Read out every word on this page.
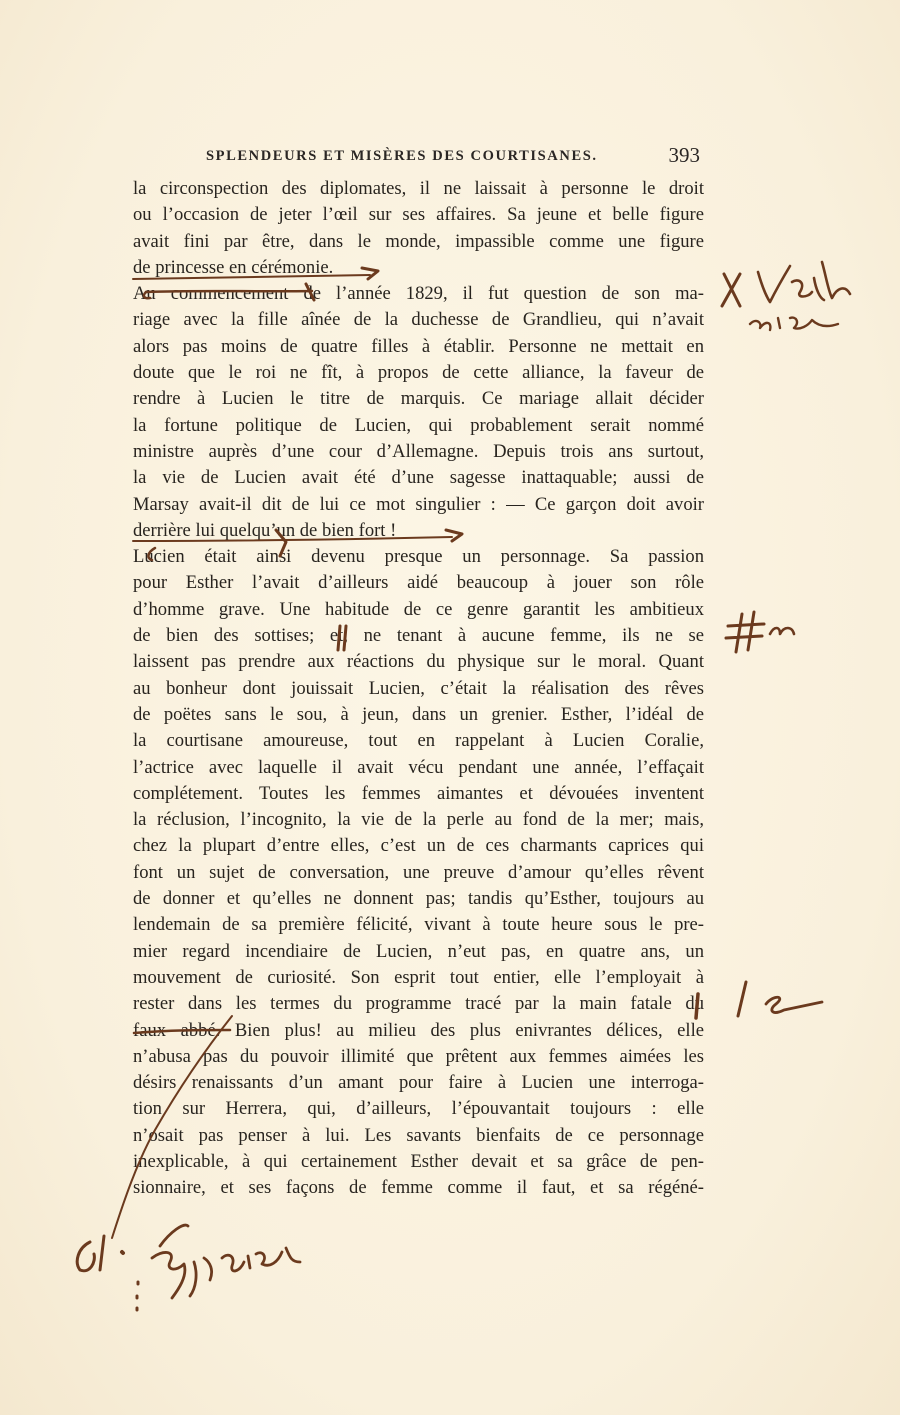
SPLENDEURS ET MISÈRES DES COURTISANES.	393
la circonspection des diplomates, il ne laissait à personne le droit
ou l’occasion de jeter l’œil sur ses affaires. Sa jeune et belle figure
avait fini par être, dans le monde, impassible comme une figure
de princesse en cérémonie.
Au commencement de l’année 1829, il fut question de son ma-
riage avec la fille aînée de la duchesse de Grandlieu, qui n’avait
alors pas moins de quatre filles à établir. Personne ne mettait en
doute que le roi ne fît, à propos de cette alliance, la faveur de
rendre à Lucien le titre de marquis. Ce mariage allait décider
la fortune politique de Lucien, qui probablement serait nommé
ministre auprès d’une cour d’Allemagne. Depuis trois ans surtout,
la vie de Lucien avait été d’une sagesse inattaquable; aussi de
Marsay avait-il dit de lui ce mot singulier : — Ce garçon doit avoir
derrière lui quelqu’un de bien fort !
Lucien était ainsi devenu presque un personnage. Sa passion
pour Esther l’avait d’ailleurs aidé beaucoup à jouer son rôle
d’homme grave. Une habitude de ce genre garantit les ambitieux
de bien des sottises; et, ne tenant à aucune femme, ils ne se
laissent pas prendre aux réactions du physique sur le moral. Quant
au bonheur dont jouissait Lucien, c’était la réalisation des rêves
de poëtes sans le sou, à jeun, dans un grenier. Esther, l’idéal de
la courtisane amoureuse, tout en rappelant à Lucien Coralie,
l’actrice avec laquelle il avait vécu pendant une année, l’effaçait
complétement. Toutes les femmes aimantes et dévouées inventent
la réclusion, l’incognito, la vie de la perle au fond de la mer; mais,
chez la plupart d’entre elles, c’est un de ces charmants caprices qui
font un sujet de conversation, une preuve d’amour qu’elles rêvent
de donner et qu’elles ne donnent pas; tandis qu’Esther, toujours au
lendemain de sa première félicité, vivant à toute heure sous le pre-
mier regard incendiaire de Lucien, n’eut pas, en quatre ans, un
mouvement de curiosité. Son esprit tout entier, elle l’employait à
rester dans les termes du programme tracé par la main fatale du
faux abbé. Bien plus! au milieu des plus enivrantes délices, elle
n’abusa pas du pouvoir illimité que prêtent aux femmes aimées les
désirs renaissants d’un amant pour faire à Lucien une interroga-
tion sur Herrera, qui, d’ailleurs, l’épouvantait toujours : elle
n’osait pas penser à lui. Les savants bienfaits de ce personnage
inexplicable, à qui certainement Esther devait et sa grâce de pen-
sionnaire, et ses façons de femme comme il faut, et sa régéné-
